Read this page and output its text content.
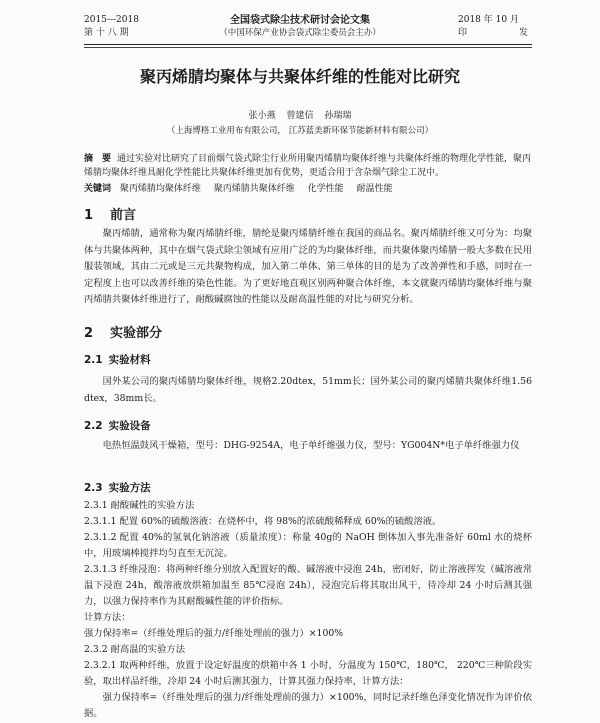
2015---2018
第 十 八 期
全国袋式除尘技术研讨会论文集
（中国环保产业协会袋式除尘委员会主办）
2018 年 10 月
印	发
聚丙烯腈均聚体与共聚体纤维的性能对比研究
张小燕 曾建信 孙瑞瑞
（上海博格工业用布有限公司， 江苏蓝美新环保节能新材料有限公司）
摘　要 通过实验对比研究了目前烟气袋式除尘行业所用聚丙烯腈均聚体纤维与共聚体纤维的物理化学性能，聚丙烯腈均聚体纤维具耐化学性能比共聚体纤维更加有优势，更适合用于含杂烟气除尘工况中。
关键词 聚丙烯腈均聚体纤维 聚丙烯腈共聚体纤维 化学性能 耐温性能
1 前言
聚丙烯腈，通常称为聚丙烯腈纤维，腈纶是聚丙烯腈纤维在我国的商品名。聚丙烯腈纤维又可分为：均聚体与共聚体两种，其中在烟气袋式除尘领域有应用广泛的为均聚体纤维，而共聚体聚丙烯腈一般大多数在民用服装领域，其由二元或是三元共聚物构成，加入第二单体、第三单体的目的是为了改善弹性和手感，同时在一定程度上也可以改善纤维的染色性能。为了更好地直观区别两种聚合体纤维，本文就聚丙烯腈均聚体纤维与聚丙烯腈共聚体纤维进行了，耐酸碱腐蚀的性能以及耐高温性能的对比与研究分析。
2 实验部分
2.1 实验材料
国外某公司的聚丙烯腈均聚体纤维，规格2.20dtex，51mm长；国外某公司的聚丙烯腈共聚体纤维1.56 dtex，38mm长。
2.2 实验设备
电热恒温鼓风干燥箱，型号：DHG-9254A，电子单纤维强力仪，型号：YG004N*电子单纤维强力仪
2.3 实验方法
2.3.1 耐酸碱性的实验方法
2.3.1.1 配置 60%的硫酸溶液：在烧杯中，将 98%的浓硫酸稀释成 60%的硫酸溶液。
2.3.1.2 配置 40%的氢氧化钠溶液（质量浓度）：称量 40g的 NaOH 倒体加入事先准备好 60ml 水的烧杯中，用玻璃棒搅拌均匀直至无沉淀。
2.3.1.3 纤维浸泡：将两种纤维分别放入配置好的酸、碱溶液中浸泡 24h，密闭好，防止溶液挥发（碱溶液常温下浸泡 24h，酸溶液放烘箱加温至 85℃浸泡 24h），浸泡完后将其取出风干，待冷却 24 小时后测其强力，以强力保持率作为其耐酸碱性能的评价指标。
计算方法：
强力保持率=（纤维处理后的强力/纤维处理前的强力）×100%
2.3.2 耐高温的实验方法
2.3.2.1 取两种纤维，放置于设定好温度的烘箱中各 1 小时，分温度为 150℃，180℃， 220℃三种阶段实验，取出样品纤维，冷却 24 小时后测其强力，计算其强力保持率，计算方法：
强力保持率=（纤维处理后的强力/纤维处理前的强力）×100%，同时记录纤维色泽变化情况作为评价依据。
